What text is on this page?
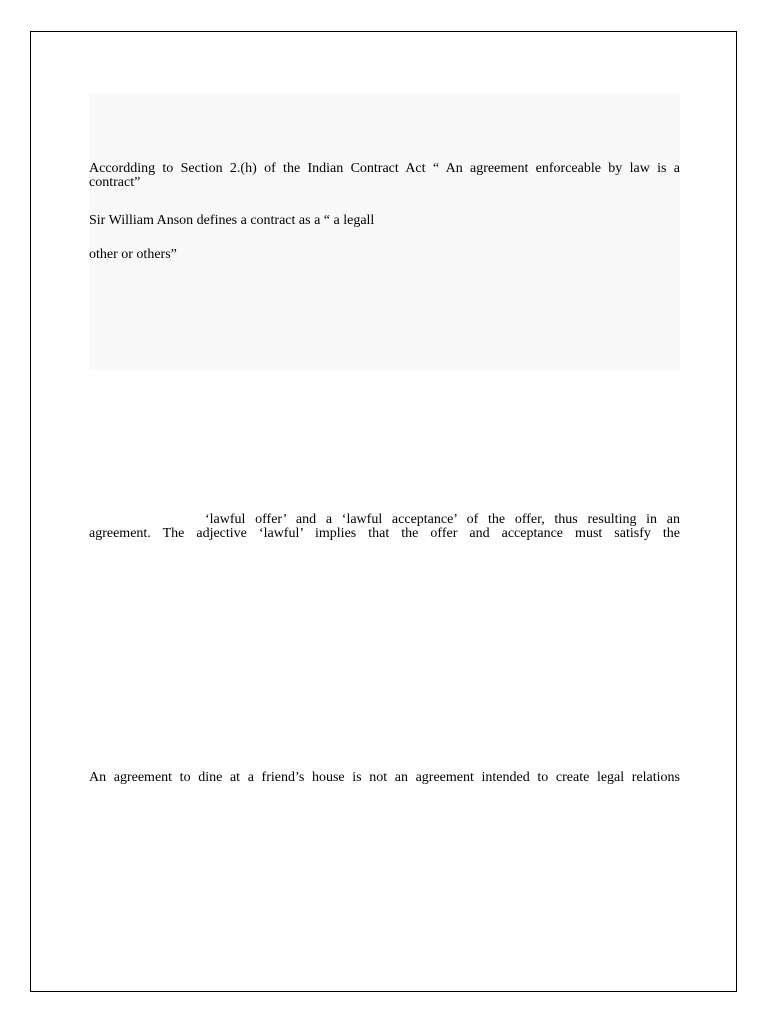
Accordding to Section 2.(h) of the Indian Contract Act “ An agreement enforceable by law is a
contract”
Sir William Anson defines a contract as a “ a legall
other or others”
‘lawful offer’ and a ‘lawful acceptance’ of the offer, thus resulting in an
agreement. The adjective ‘lawful’ implies that the offer and acceptance must satisfy the
An agreement to dine at a friend’s house is not an agreement intended to create legal relations
